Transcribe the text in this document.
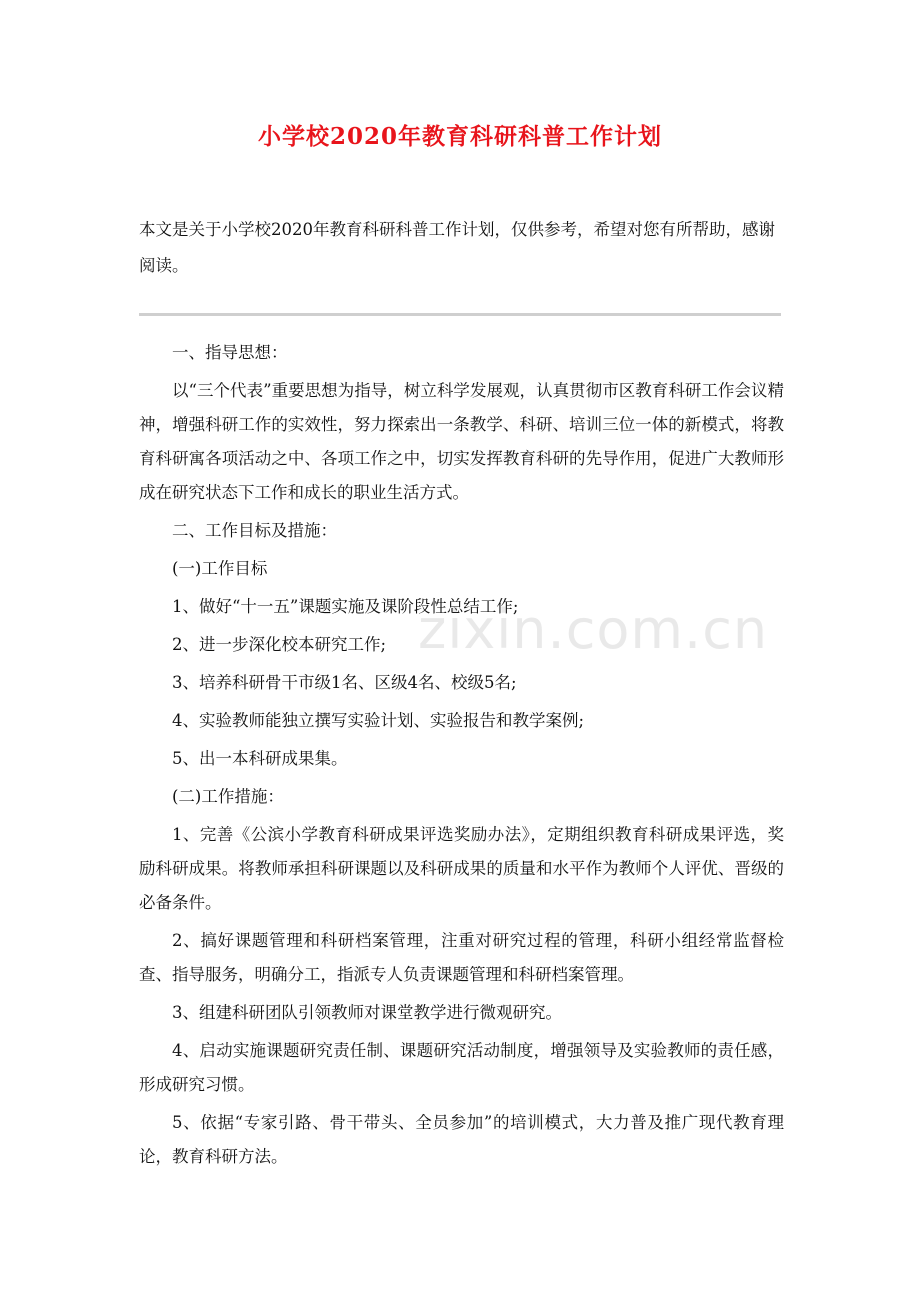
小学校2020年教育科研科普工作计划

本文是关于小学校2020年教育科研科普工作计划，仅供参考，希望对您有所帮助，感谢阅读。

一、指导思想：

以“三个代表”重要思想为指导，树立科学发展观，认真贯彻市区教育科研工作会议精神，增强科研工作的实效性，努力探索出一条教学、科研、培训三位一体的新模式，将教育科研寓各项活动之中、各项工作之中，切实发挥教育科研的先导作用，促进广大教师形成在研究状态下工作和成长的职业生活方式。

二、工作目标及措施：

(一)工作目标

1、做好“十一五”课题实施及课阶段性总结工作;

2、进一步深化校本研究工作;

3、培养科研骨干市级1名、区级4名、校级5名;

4、实验教师能独立撰写实验计划、实验报告和教学案例;

5、出一本科研成果集。

(二)工作措施：

1、完善《公滨小学教育科研成果评选奖励办法》，定期组织教育科研成果评选，奖励科研成果。将教师承担科研课题以及科研成果的质量和水平作为教师个人评优、晋级的必备条件。

2、搞好课题管理和科研档案管理，注重对研究过程的管理，科研小组经常监督检查、指导服务，明确分工，指派专人负责课题管理和科研档案管理。

3、组建科研团队引领教师对课堂教学进行微观研究。

4、启动实施课题研究责任制、课题研究活动制度，增强领导及实验教师的责任感，形成研究习惯。

5、依据“专家引路、骨干带头、全员参加”的培训模式，大力普及推广现代教育理论，教育科研方法。

zixin.com.cn
